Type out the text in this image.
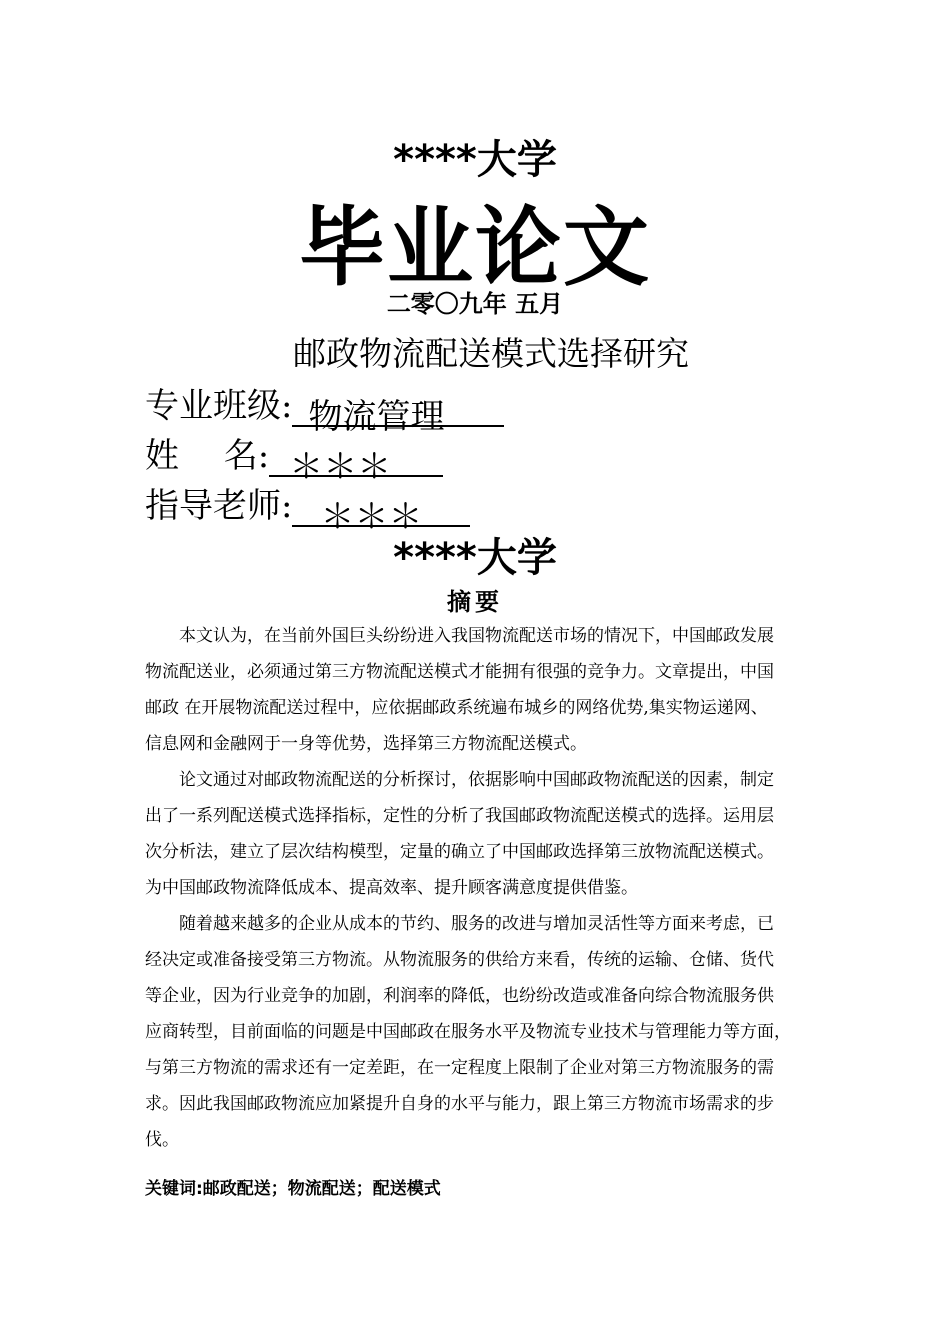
****大学
毕业论文
二零〇九年 五月
邮政物流配送模式选择研究
专业班级: 物流管理
姓　 名: ＊＊＊
指导老师: ＊＊＊
****大学
摘要
　　本文认为，在当前外国巨头纷纷进入我国物流配送市场的情况下，中国邮政发展
物流配送业，必须通过第三方物流配送模式才能拥有很强的竞争力。文章提出，中国
邮政 在开展物流配送过程中，应依据邮政系统遍布城乡的网络优势,集实物运递网、
信息网和金融网于一身等优势，选择第三方物流配送模式。
　　论文通过对邮政物流配送的分析探讨，依据影响中国邮政物流配送的因素，制定
出了一系列配送模式选择指标，定性的分析了我国邮政物流配送模式的选择。运用层
次分析法，建立了层次结构模型，定量的确立了中国邮政选择第三放物流配送模式。
为中国邮政物流降低成本、提高效率、提升顾客满意度提供借鉴。
　　随着越来越多的企业从成本的节约、服务的改进与增加灵活性等方面来考虑，已
经决定或准备接受第三方物流。从物流服务的供给方来看，传统的运输、仓储、货代
等企业，因为行业竞争的加剧，利润率的降低，也纷纷改造或准备向综合物流服务供
应商转型，目前面临的问题是中国邮政在服务水平及物流专业技术与管理能力等方面，
与第三方物流的需求还有一定差距，在一定程度上限制了企业对第三方物流服务的需
求。因此我国邮政物流应加紧提升自身的水平与能力，跟上第三方物流市场需求的步
伐。
关键词:邮政配送；物流配送；配送模式
